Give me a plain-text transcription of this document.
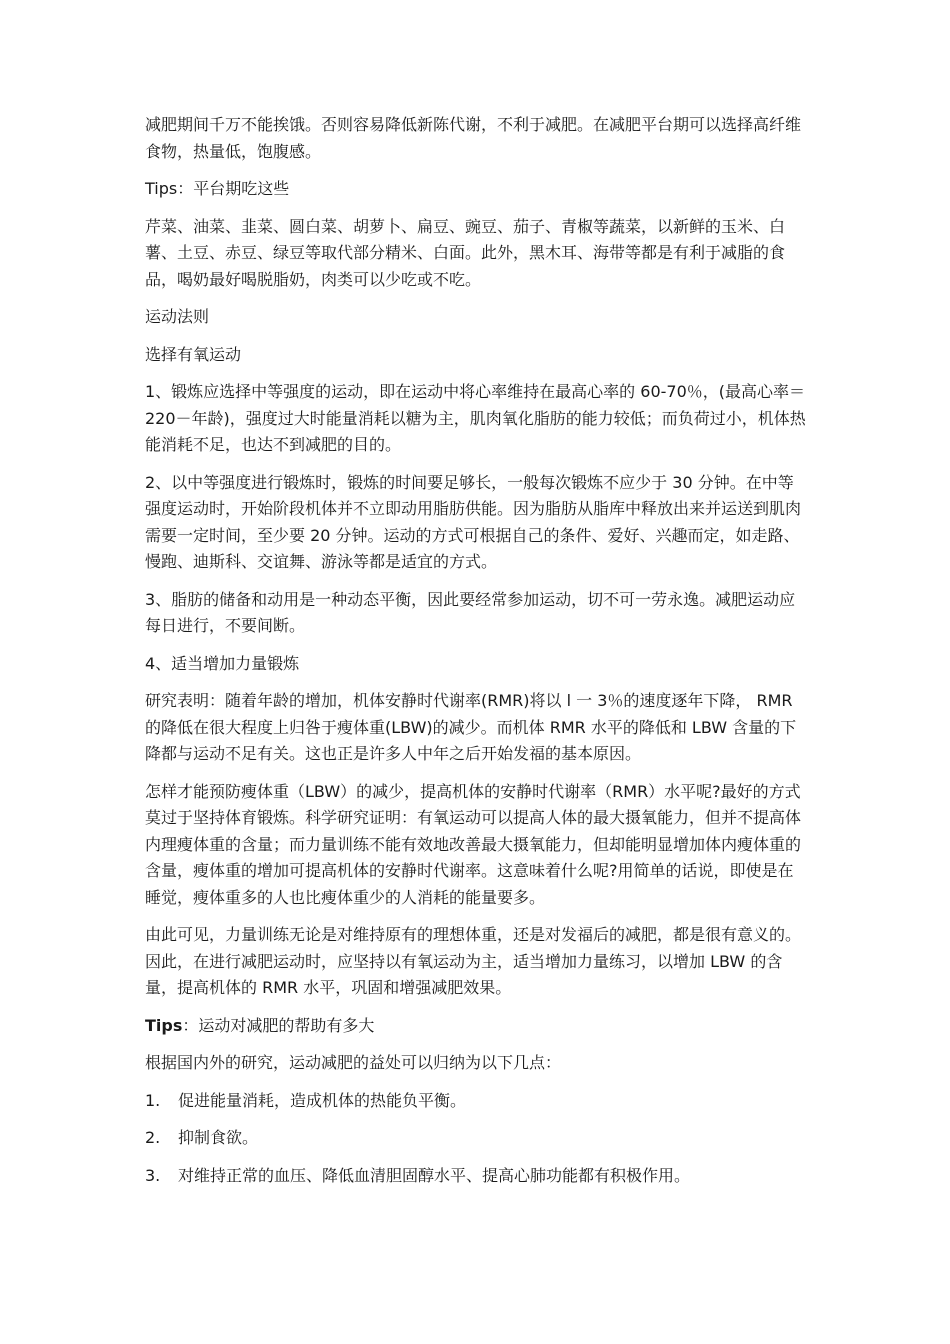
减肥期间千万不能挨饿。否则容易降低新陈代谢，不利于减肥。在减肥平台期可以选择高纤维食物，热量低，饱腹感。

Tips：平台期吃这些

芹菜、油菜、韭菜、圆白菜、胡萝卜、扁豆、豌豆、茄子、青椒等蔬菜，以新鲜的玉米、白薯、土豆、赤豆、绿豆等取代部分精米、白面。此外，黑木耳、海带等都是有利于减脂的食品，喝奶最好喝脱脂奶，肉类可以少吃或不吃。

运动法则

选择有氧运动

1、锻炼应选择中等强度的运动，即在运动中将心率维持在最高心率的 60-70％，(最高心率＝220－年龄)，强度过大时能量消耗以糖为主，肌肉氧化脂肪的能力较低；而负荷过小，机体热能消耗不足，也达不到减肥的目的。

2、以中等强度进行锻炼时，锻炼的时间要足够长，一般每次锻炼不应少于 30 分钟。在中等强度运动时，开始阶段机体并不立即动用脂肪供能。因为脂肪从脂库中释放出来并运送到肌肉需要一定时间，至少要 20 分钟。运动的方式可根据自己的条件、爱好、兴趣而定，如走路、慢跑、迪斯科、交谊舞、游泳等都是适宜的方式。

3、脂肪的储备和动用是一种动态平衡，因此要经常参加运动，切不可一劳永逸。减肥运动应每日进行，不要间断。

4、适当增加力量锻炼

研究表明：随着年龄的增加，机体安静时代谢率(RMR)将以 l 一 3％的速度逐年下降， RMR 的降低在很大程度上归咎于瘦体重(LBW)的减少。而机体 RMR 水平的降低和 LBW 含量的下降都与运动不足有关。这也正是许多人中年之后开始发福的基本原因。

怎样才能预防瘦体重（LBW）的减少，提高机体的安静时代谢率（RMR）水平呢?最好的方式莫过于坚持体育锻炼。科学研究证明：有氧运动可以提高人体的最大摄氧能力，但并不提高体内理瘦体重的含量；而力量训练不能有效地改善最大摄氧能力，但却能明显增加体内瘦体重的含量，瘦体重的增加可提高机体的安静时代谢率。这意味着什么呢?用简单的话说，即使是在睡觉，瘦体重多的人也比瘦体重少的人消耗的能量要多。

由此可见，力量训练无论是对维持原有的理想体重，还是对发福后的减肥，都是很有意义的。因此，在进行减肥运动时，应坚持以有氧运动为主，适当增加力量练习，以增加 LBW 的含量，提高机体的 RMR 水平，巩固和增强减肥效果。

Tips：运动对减肥的帮助有多大

根据国内外的研究，运动减肥的益处可以归纳为以下几点：

1.	促进能量消耗，造成机体的热能负平衡。

2.	抑制食欲。

3.	对维持正常的血压、降低血清胆固醇水平、提高心肺功能都有积极作用。
